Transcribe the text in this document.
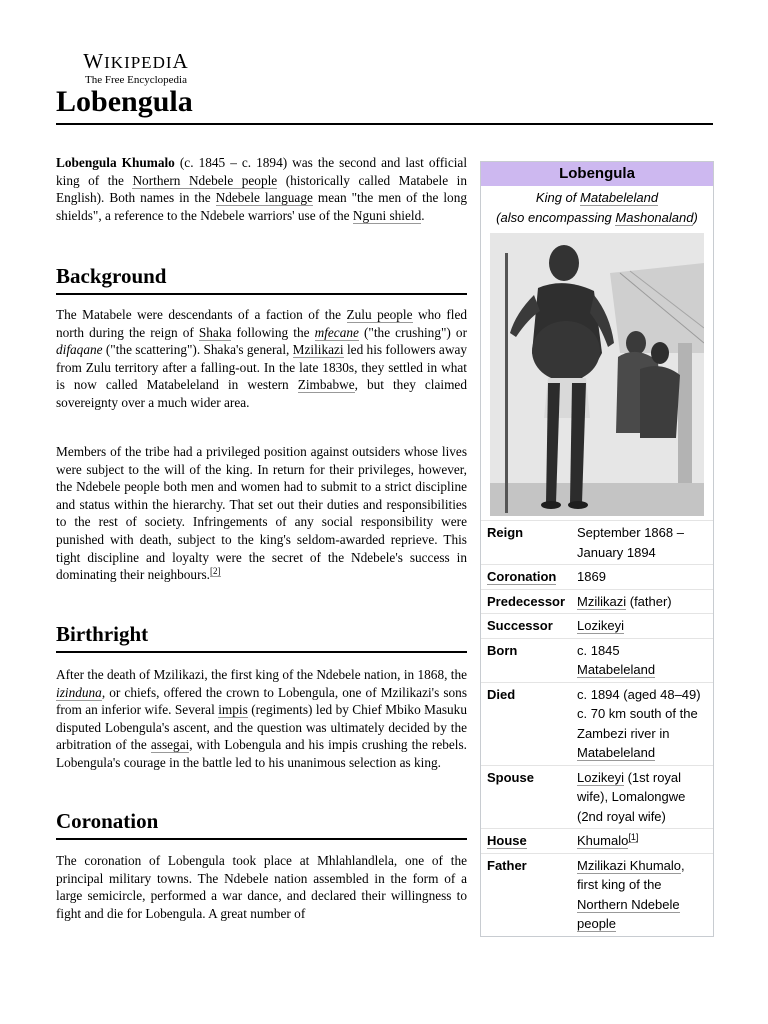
WIKIPEDIA
The Free Encyclopedia
Lobengula

Lobengula Khumalo (c. 1845 – c. 1894) was the second and last official king of the Northern Ndebele people (historically called Matabele in English). Both names in the Ndebele language mean "the men of the long shields", a reference to the Ndebele warriors' use of the Nguni shield.

Background

The Matabele were descendants of a faction of the Zulu people who fled north during the reign of Shaka following the mfecane ("the crushing") or difaqane ("the scattering"). Shaka's general, Mzilikazi led his followers away from Zulu territory after a falling-out. In the late 1830s, they settled in what is now called Matabeleland in western Zimbabwe, but they claimed sovereignty over a much wider area.

Members of the tribe had a privileged position against outsiders whose lives were subject to the will of the king. In return for their privileges, however, the Ndebele people both men and women had to submit to a strict discipline and status within the hierarchy. That set out their duties and responsibilities to the rest of society. Infringements of any social responsibility were punished with death, subject to the king's seldom-awarded reprieve. This tight discipline and loyalty were the secret of the Ndebele's success in dominating their neighbours.[2]

Birthright

After the death of Mzilikazi, the first king of the Ndebele nation, in 1868, the izinduna, or chiefs, offered the crown to Lobengula, one of Mzilikazi's sons from an inferior wife. Several impis (regiments) led by Chief Mbiko Masuku disputed Lobengula's ascent, and the question was ultimately decided by the arbitration of the assegai, with Lobengula and his impis crushing the rebels. Lobengula's courage in the battle led to his unanimous selection as king.

Coronation

The coronation of Lobengula took place at Mhlahlandlela, one of the principal military towns. The Ndebele nation assembled in the form of a large semicircle, performed a war dance, and declared their willingness to fight and die for Lobengula. A great number of

Lobengula
King of Matabeleland
(also encompassing Mashonaland)
Reign	September 1868 – January 1894
Coronation	1869
Predecessor	Mzilikazi (father)
Successor	Lozikeyi
Born	c. 1845
Matabeleland
Died	c. 1894 (aged 48–49)
c. 70 km south of the Zambezi river in Matabeleland
Spouse	Lozikeyi (1st royal wife), Lomalongwe (2nd royal wife)
House	Khumalo[1]
Father	Mzilikazi Khumalo, first king of the Northern Ndebele people
